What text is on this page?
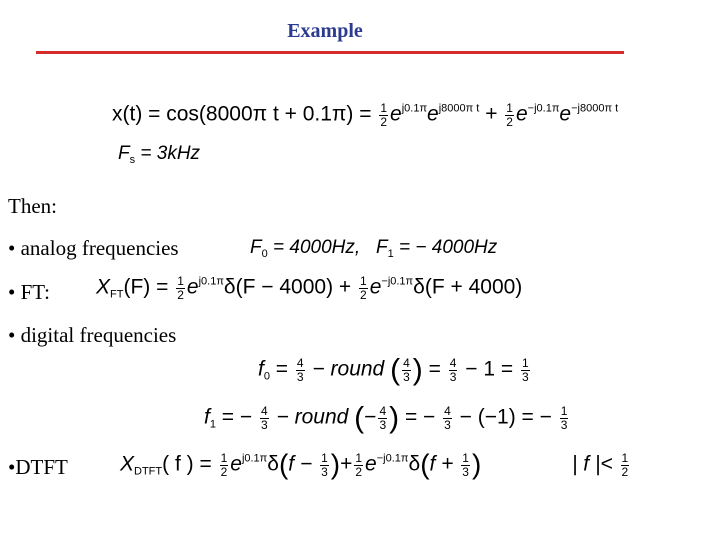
Example
x(t) = cos(8000π $t + 0.1\pi) = \frac{1}{2} e^{j0.1\pi}e^{j8000\pi t} + \frac{1}{2} e^{-j0.1\pi}e^{-j8000\pi t}$
$F_s = 3kHz$
Then:
• analog frequencies	$F_0 = 4000Hz$, $F_1$ = − 4000Hz
• FT: $X_{FT}(F) = \frac{1}{2} e^{j0.1\pi}\delta(F - 4000) + \frac{1}{2} e^{-j0.1\pi}\delta(F + 4000)$
• digital frequencies
$f_0 = \frac{4}{3}$ − round ( $\frac{4}{3}$ ) = $\frac{4}{3} - 1 = \frac{1}{3}$
$f_1$ = − $\frac{4}{3}$ − round (− $\frac{4}{3}$ ) = − $\frac{4}{3} - (-1)$ = − $\frac{1}{3}$
•DTFT $X_{DTFT}$( f ) = $\frac{1}{2} e^{j0.1\pi}\delta(f - \frac{1}{3}$ )+ $\frac{1}{2} e^{-j0.1\pi}\delta(f + \frac{1}{3}$ )	| f |< $\frac{1}{2}$
